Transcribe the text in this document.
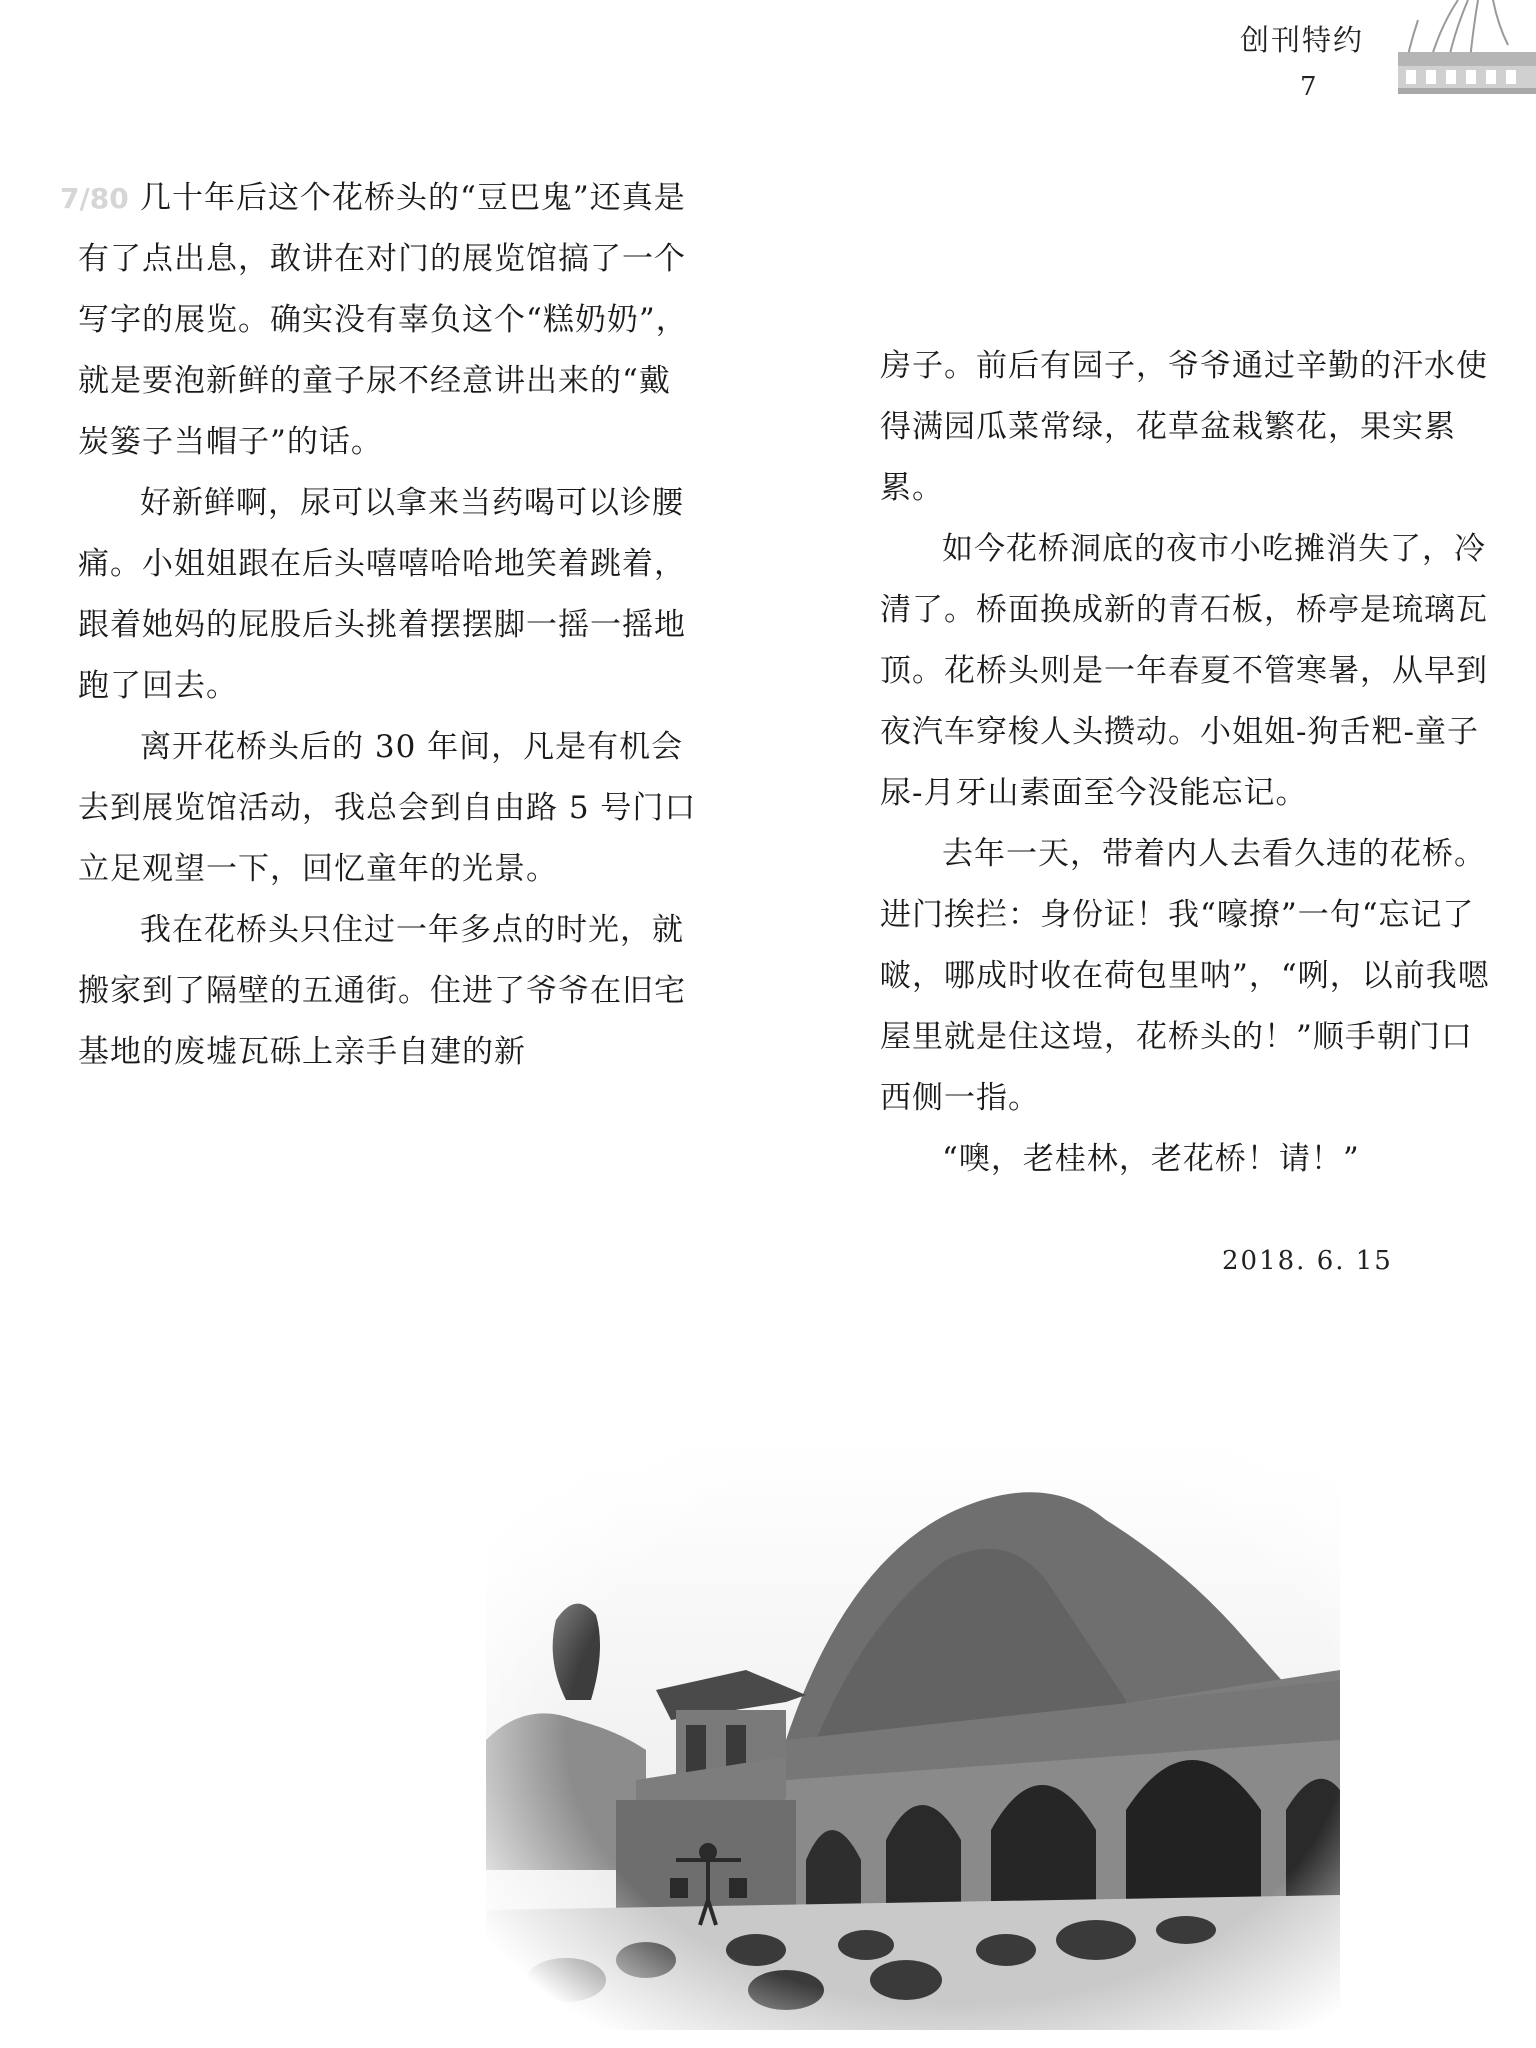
创刊特约
7
7/80 几十年后这个花桥头的“豆巴鬼”还真是有了点出息，敢讲在对门的展览馆搞了一个写字的展览。确实没有辜负这个“糕奶奶”，就是要泡新鲜的童子尿不经意讲出来的“戴炭篓子当帽子”的话。

好新鲜啊，尿可以拿来当药喝可以诊腰痛。小姐姐跟在后头嘻嘻哈哈地笑着跳着，跟着她妈的屁股后头挑着摆摆脚一摇一摇地跑了回去。

离开花桥头后的 30 年间，凡是有机会去到展览馆活动，我总会到自由路 5 号门口立足观望一下，回忆童年的光景。

我在花桥头只住过一年多点的时光，就搬家到了隔壁的五通街。住进了爷爷在旧宅基地的废墟瓦砾上亲手自建的新

房子。前后有园子，爷爷通过辛勤的汗水使得满园瓜菜常绿，花草盆栽繁花，果实累累。

如今花桥洞底的夜市小吃摊消失了，冷清了。桥面换成新的青石板，桥亭是琉璃瓦顶。花桥头则是一年春夏不管寒暑，从早到夜汽车穿梭人头攒动。小姐姐-狗舌粑-童子尿-月牙山素面至今没能忘记。

去年一天，带着内人去看久违的花桥。进门挨拦：身份证！我“嚎撩”一句“忘记了啵，哪成时收在荷包里呐”，“咧，以前我嗯屋里就是住这塏，花桥头的！”顺手朝门口西侧一指。

“噢，老桂林，老花桥！请！”

2018. 6. 15
